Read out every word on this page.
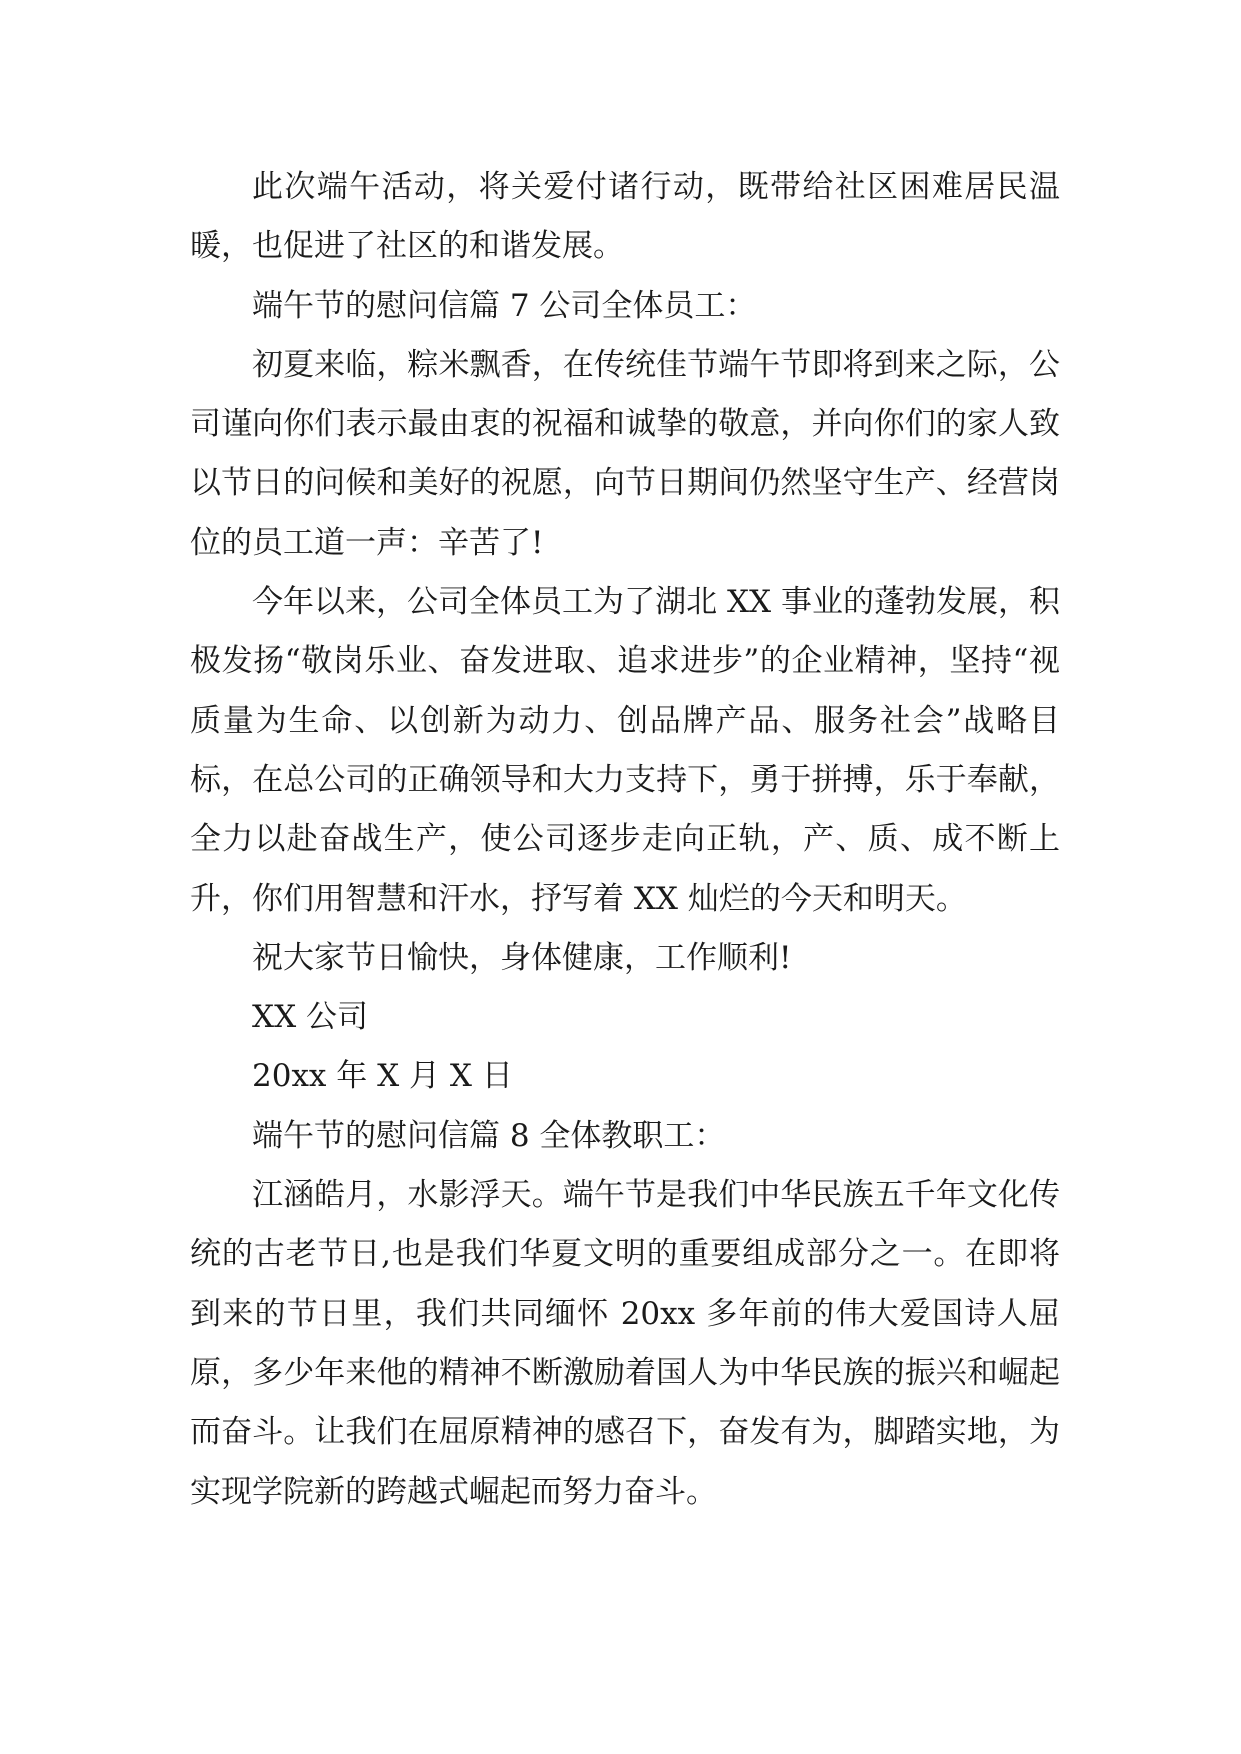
此次端午活动，将关爱付诸行动，既带给社区困难居民温暖，也促进了社区的和谐发展。

端午节的慰问信篇 7 公司全体员工：

初夏来临，粽米飘香，在传统佳节端午节即将到来之际，公司谨向你们表示最由衷的祝福和诚挚的敬意，并向你们的家人致以节日的问候和美好的祝愿，向节日期间仍然坚守生产、经营岗位的员工道一声：辛苦了!

今年以来，公司全体员工为了湖北 XX 事业的蓬勃发展，积极发扬“敬岗乐业、奋发进取、追求进步”的企业精神，坚持“视质量为生命、以创新为动力、创品牌产品、服务社会”战略目标，在总公司的正确领导和大力支持下，勇于拼搏，乐于奉献，全力以赴奋战生产，使公司逐步走向正轨，产、质、成不断上升，你们用智慧和汗水，抒写着 XX 灿烂的今天和明天。

祝大家节日愉快，身体健康，工作顺利!

XX 公司

20xx 年 X 月 X 日

端午节的慰问信篇 8 全体教职工：

江涵皓月，水影浮天。端午节是我们中华民族五千年文化传统的古老节日,也是我们华夏文明的重要组成部分之一。在即将到来的节日里，我们共同缅怀 20xx 多年前的伟大爱国诗人屈原，多少年来他的精神不断激励着国人为中华民族的振兴和崛起而奋斗。让我们在屈原精神的感召下，奋发有为，脚踏实地，为实现学院新的跨越式崛起而努力奋斗。
